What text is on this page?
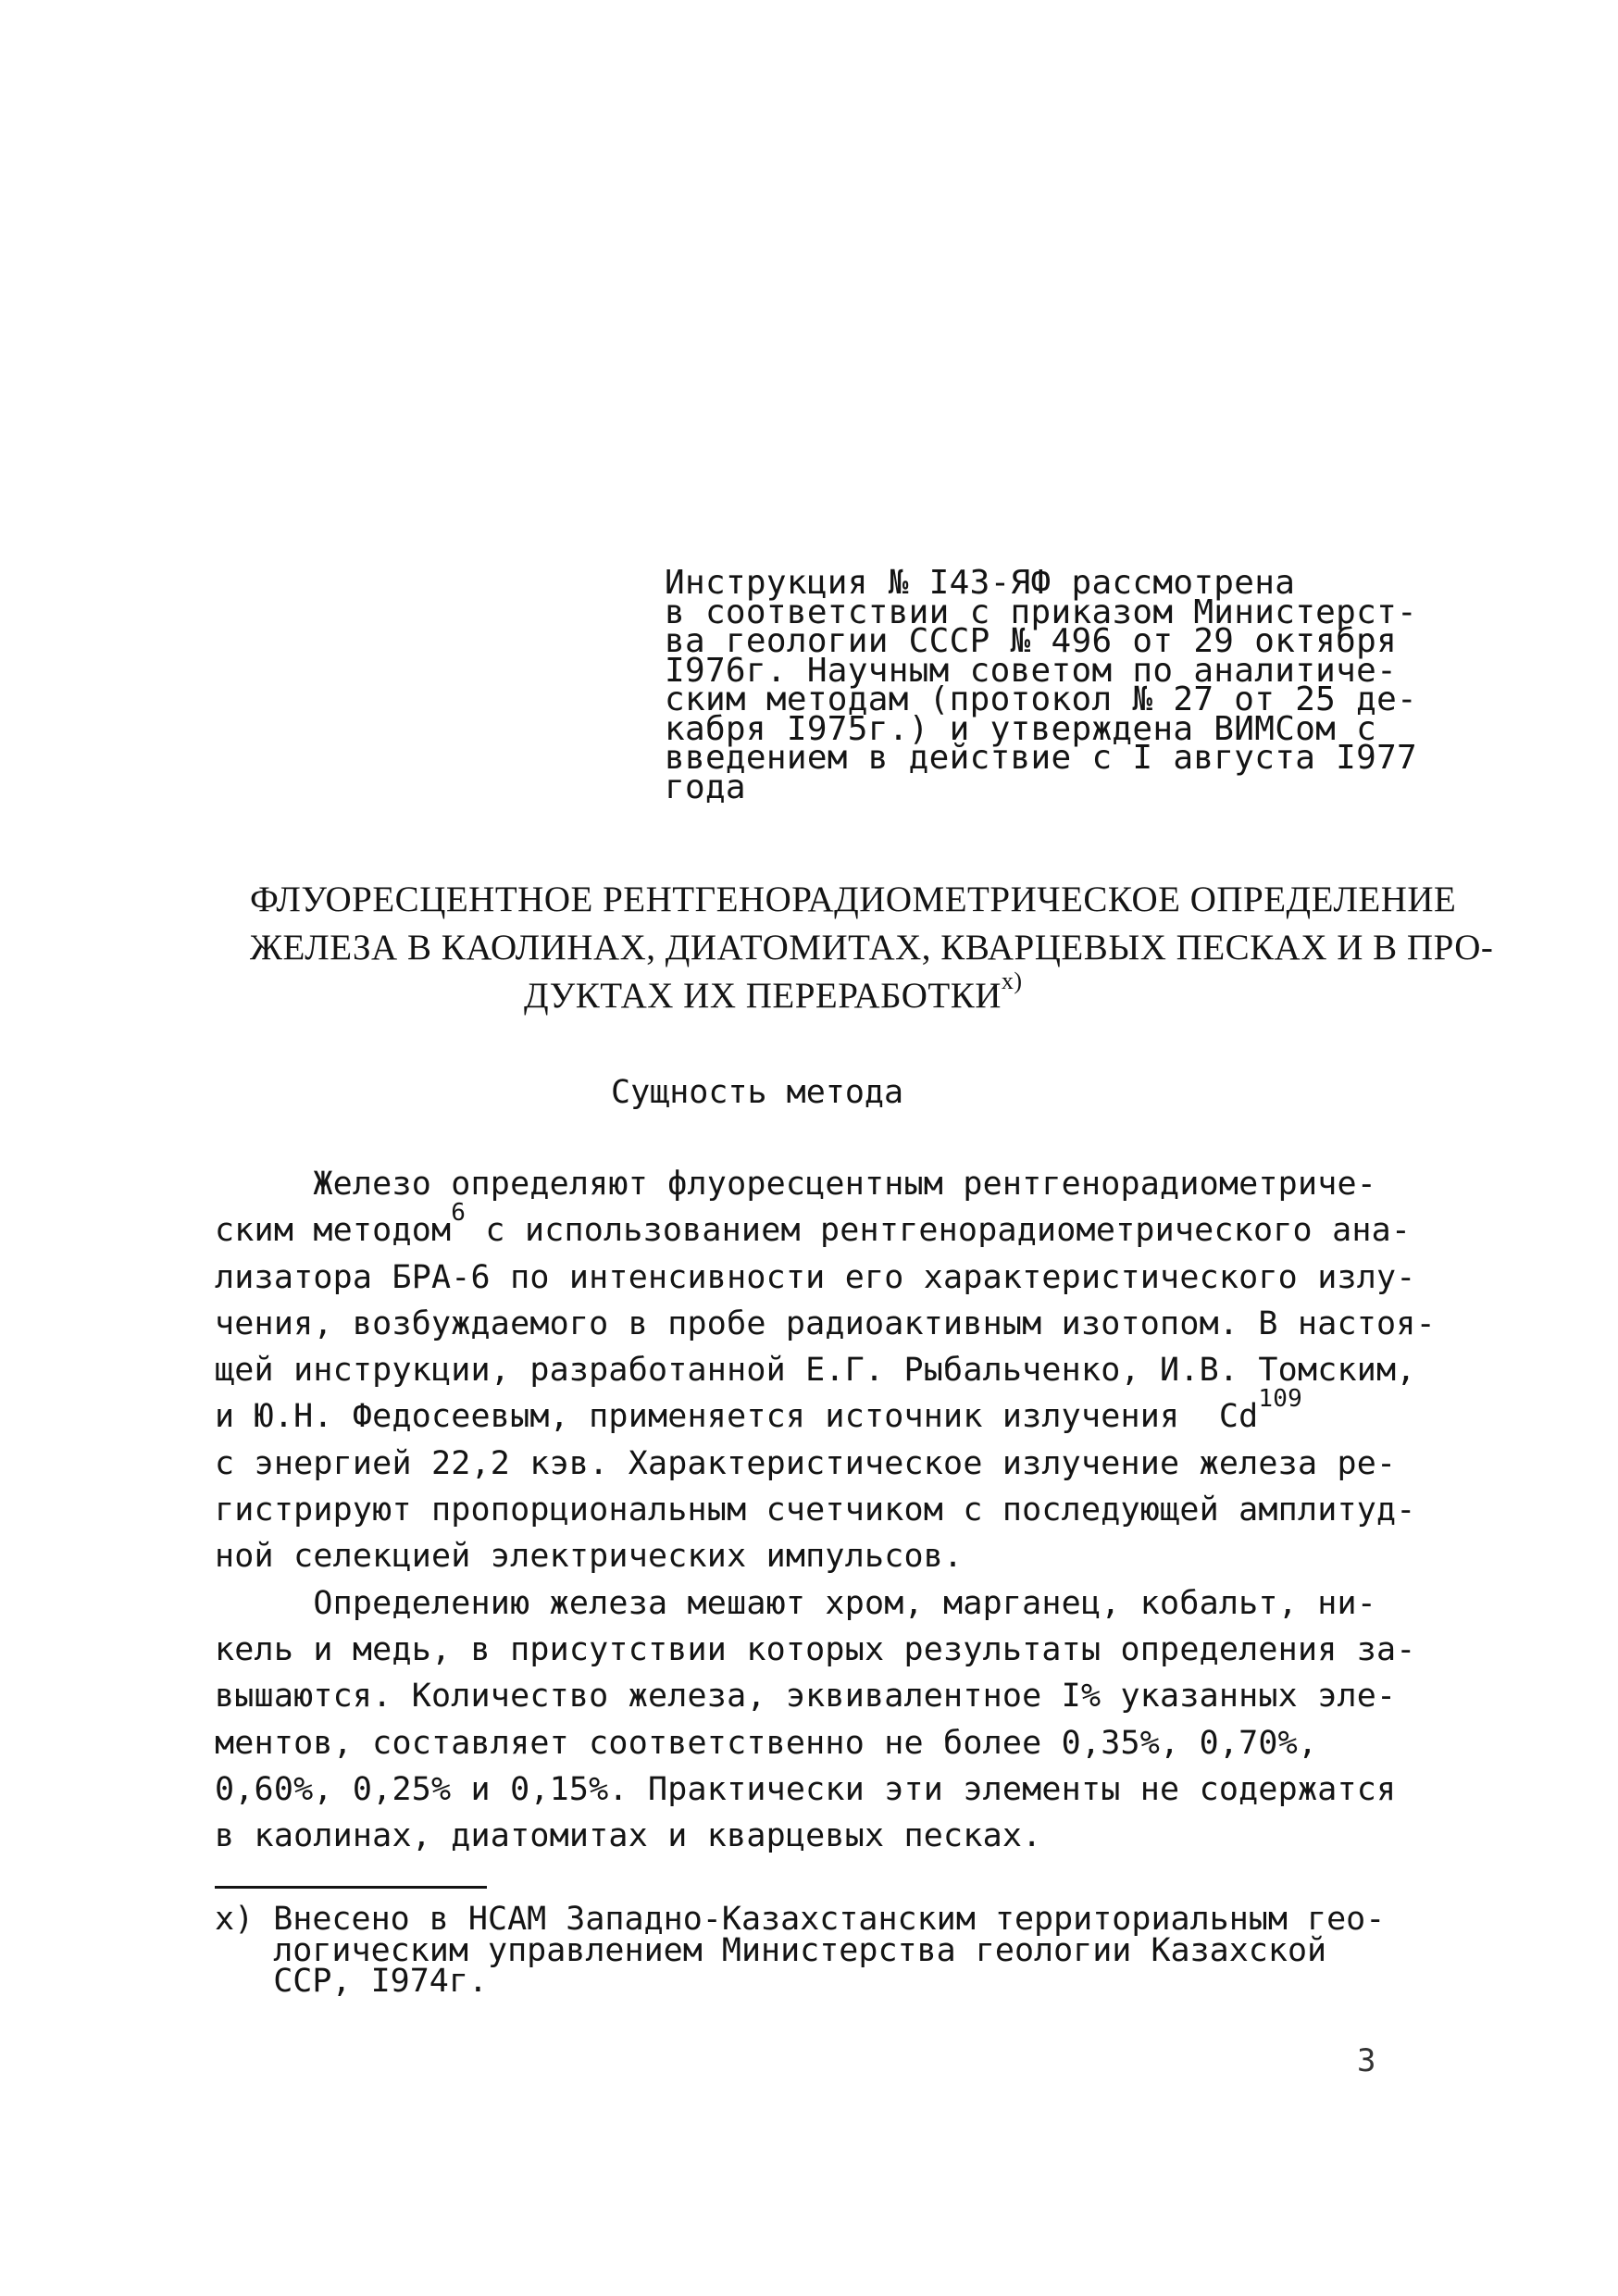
Инструкция № I43-ЯФ рассмотрена
в соответствии с приказом Министерст-
ва геологии СССР № 496 от 29 октября
I976г. Научным советом по аналитиче-
ским методам (протокол № 27 от 25 де-
кабря I975г.) и утверждена ВИМСом с
введением в действие с I августа I977
года
ФЛУОРЕСЦЕНТНОЕ РЕНТГЕНОРАДИОМЕТРИЧЕСКОЕ ОПРЕДЕЛЕНИЕ
ЖЕЛЕЗА В КАОЛИНАХ, ДИАТОМИТАХ, КВАРЦЕВЫХ ПЕСКАХ И В ПРО-
ДУКТАХ ИХ ПЕРЕРАБОТКИ$^{x)}$
Сущность метода
Железо определяют флуоресцентным рентгенорадиометриче-
ским методом$^6$ с использованием рентгенорадиометрического ана-
лизатора БРА-6 по интенсивности его характеристического излу-
чения, возбуждаемого в пробе радиоактивным изотопом. В настоя-
щей инструкции, разработанной Е.Г. Рыбальченко, И.В. Томским,
и Ю.Н. Федосеевым, применяется источник излучения  Cd$^{109}$
с энергией 22,2 кэв. Характеристическое излучение железа ре-
гистрируют пропорциональным счетчиком с последующей амплитуд-
ной селекцией электрических импульсов.
Определению железа мешают хром, марганец, кобальт, ни-
кель и медь, в присутствии которых результаты определения за-
вышаются. Количество железа, эквивалентное I% указанных эле-
ментов, составляет соответственно не более 0,35%, 0,70%,
0,60%, 0,25% и 0,15%. Практически эти элементы не содержатся
в каолинах, диатомитах и кварцевых песках.
x) Внесено в НСАМ Западно-Казахстанским территориальным гео-
логическим управлением Министерства геологии Казахской
ССР, I974г.
3
